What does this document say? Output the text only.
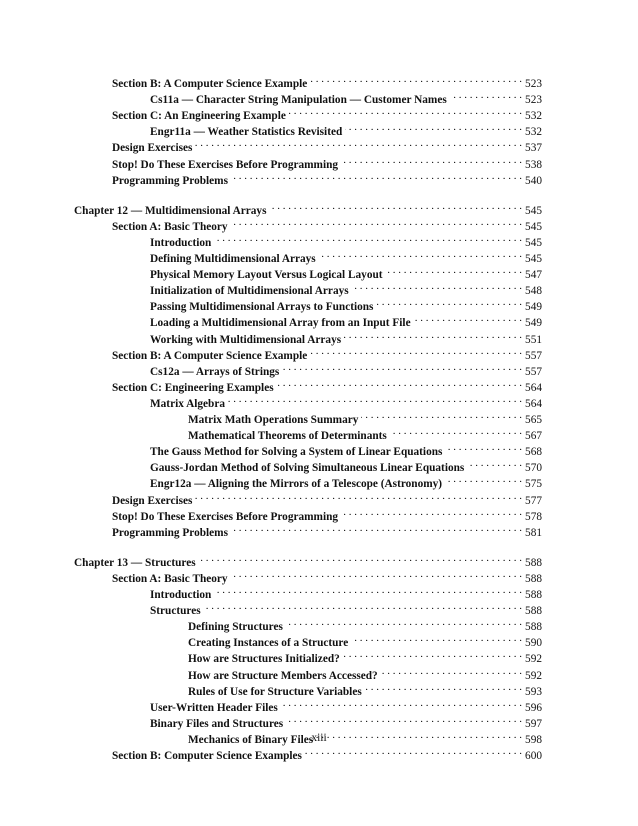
Section B: A Computer Science Example . . .	523
Cs11a — Character String Manipulation — Customer Names . . .	523
Section C: An Engineering Example . . .	532
Engr11a — Weather Statistics Revisited . . .	532
Design Exercises . . .	537
Stop! Do These Exercises Before Programming . . .	538
Programming Problems . . .	540
Chapter 12 — Multidimensional Arrays . . .	545
Section A: Basic Theory . . .	545
Introduction . . .	545
Defining Multidimensional Arrays . . .	545
Physical Memory Layout Versus Logical Layout . . .	547
Initialization of Multidimensional Arrays . . .	548
Passing Multidimensional Arrays to Functions . . .	549
Loading a Multidimensional Array from an Input File . . .	549
Working with Multidimensional Arrays . . .	551
Section B: A Computer Science Example . . .	557
Cs12a — Arrays of Strings . . .	557
Section C: Engineering Examples . . .	564
Matrix Algebra . . .	564
Matrix Math Operations Summary . . .	565
Mathematical Theorems of Determinants . . .	567
The Gauss Method for Solving a System of Linear Equations . . .	568
Gauss-Jordan Method of Solving Simultaneous Linear Equations . . .	570
Engr12a — Aligning the Mirrors of a Telescope (Astronomy) . . .	575
Design Exercises . . .	577
Stop! Do These Exercises Before Programming . . .	578
Programming Problems . . .	581
Chapter 13 — Structures . . .	588
Section A: Basic Theory . . .	588
Introduction . . .	588
Structures . . .	588
Defining Structures . . .	588
Creating Instances of a Structure . . .	590
How are Structures Initialized? . . .	592
How are Structure Members Accessed? . . .	592
Rules of Use for Structure Variables . . .	593
User-Written Header Files . . .	596
Binary Files and Structures . . .	597
Mechanics of Binary Files . . .	598
Section B: Computer Science Examples . . .	600
xiii
